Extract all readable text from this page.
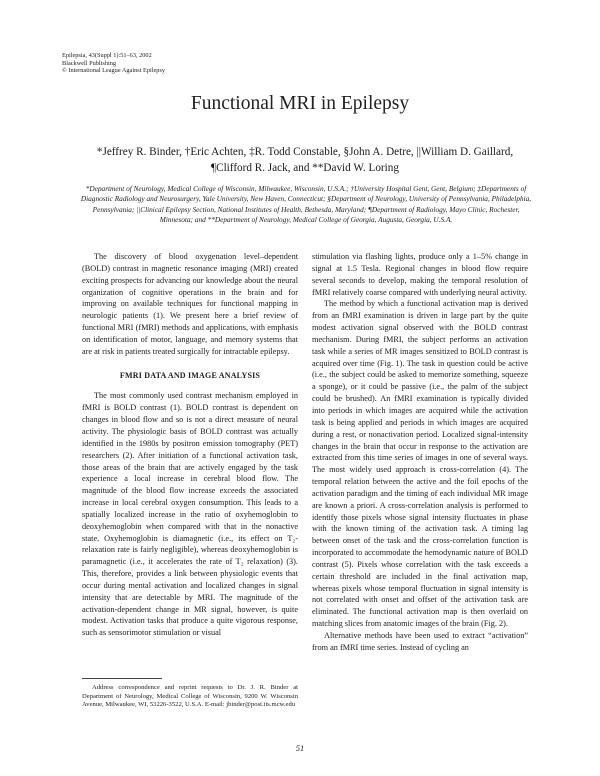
Epilepsia, 43(Suppl 1):51–63, 2002
Blackwell Publishing
© International League Against Epilepsy
Functional MRI in Epilepsy
*Jeffrey R. Binder, †Eric Achten, ‡R. Todd Constable, §John A. Detre, ||William D. Gaillard,
¶Clifford R. Jack, and **David W. Loring
*Department of Neurology, Medical College of Wisconsin, Milwaukee, Wisconsin, U.S.A.; †University Hospital Gent, Gent, Belgium; ‡Departments of Diagnostic Radiology and Neurosurgery, Yale University, New Haven, Connecticut; §Department of Neurology, University of Pennsylvania, Philadelphia, Pennsylvania; ||Clinical Epilepsy Section, National Institutes of Health, Bethesda, Maryland; ¶Department of Radiology, Mayo Clinic, Rochester, Minnesota; and **Department of Neurology, Medical College of Georgia, Augusta, Georgia, U.S.A.

The discovery of blood oxygenation level–dependent (BOLD) contrast in magnetic resonance imaging (MRI) created exciting prospects for advancing our knowledge about the neural organization of cognitive operations in the brain and for improving on available techniques for functional mapping in neurologic patients (1). We present here a brief review of functional MRI (fMRI) methods and applications, with emphasis on identification of motor, language, and memory systems that are at risk in patients treated surgically for intractable epilepsy.

FMRI DATA AND IMAGE ANALYSIS

The most commonly used contrast mechanism employed in fMRI is BOLD contrast (1). BOLD contrast is dependent on changes in blood flow and so is not a direct measure of neural activity. The physiologic basis of BOLD contrast was actually identified in the 1980s by positron emission tomography (PET) researchers (2). After initiation of a functional activation task, those areas of the brain that are actively engaged by the task experience a local increase in cerebral blood flow. The magnitude of the blood flow increase exceeds the associated increase in local cerebral oxygen consumption. This leads to a spatially localized increase in the ratio of oxyhemoglobin to deoxyhemoglobin when compared with that in the nonactive state. Oxyhemoglobin is diamagnetic (i.e., its effect on T₂-relaxation rate is fairly negligible), whereas deoxyhemoglobin is paramagnetic (i.e., it accelerates the rate of T₂ relaxation) (3). This, therefore, provides a link between physiologic events that occur during mental activation and localized changes in signal intensity that are detectable by MRI. The magnitude of the activation-dependent change in MR signal, however, is quite modest. Activation tasks that produce a quite vigorous response, such as sensorimotor stimulation or visual

Address correspondence and reprint requests to Dr. J. R. Binder at Department of Neurology, Medical College of Wisconsin, 9200 W. Wisconsin Avenue, Milwaukee, WI, 53226-3522, U.S.A. E-mail: jbinder@post.its.mcw.edu

stimulation via flashing lights, produce only a 1–5% change in signal at 1.5 Tesla. Regional changes in blood flow require several seconds to develop, making the temporal resolution of fMRI relatively coarse compared with underlying neural activity.

The method by which a functional activation map is derived from an fMRI examination is driven in large part by the quite modest activation signal observed with the BOLD contrast mechanism. During fMRI, the subject performs an activation task while a series of MR images sensitized to BOLD contrast is acquired over time (Fig. 1). The task in question could be active (i.e., the subject could be asked to memorize something, squeeze a sponge), or it could be passive (i.e., the palm of the subject could be brushed). An fMRI examination is typically divided into periods in which images are acquired while the activation task is being applied and periods in which images are acquired during a rest, or nonactivation period. Localized signal-intensity changes in the brain that occur in response to the activation are extracted from this time series of images in one of several ways. The most widely used approach is cross-correlation (4). The temporal relation between the active and the foil epochs of the activation paradigm and the timing of each individual MR image are known a priori. A cross-correlation analysis is performed to identify those pixels whose signal intensity fluctuates in phase with the known timing of the activation task. A timing lag between onset of the task and the cross-correlation function is incorporated to accommodate the hemodynamic nature of BOLD contrast (5). Pixels whose correlation with the task exceeds a certain threshold are included in the final activation map, whereas pixels whose temporal fluctuation in signal intensity is not correlated with onset and offset of the activation task are eliminated. The functional activation map is then overlaid on matching slices from anatomic images of the brain (Fig. 2).

Alternative methods have been used to extract “activation” from an fMRI time series. Instead of cycling an

51
